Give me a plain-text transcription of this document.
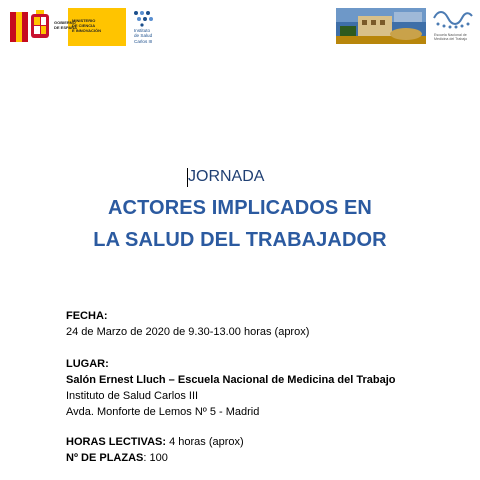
GOBIERNO
DE ESPAÑA
MINISTERIO
DE CIENCIA
E INNOVACIÓN	Instituto
de Salud
Carlos III
Escuela Nacional de
Medicina del Trabajo
JORNADA
ACTORES IMPLICADOS EN
LA SALUD DEL TRABAJADOR
FECHA:
24 de Marzo de 2020 de 9.30-13.00 horas (aprox)
LUGAR:
Salón Ernest Lluch – Escuela Nacional de Medicina del Trabajo
Instituto de Salud Carlos III
Avda. Monforte de Lemos Nº 5 - Madrid
HORAS LECTIVAS: 4 horas (aprox)
Nº DE PLAZAS: 100
